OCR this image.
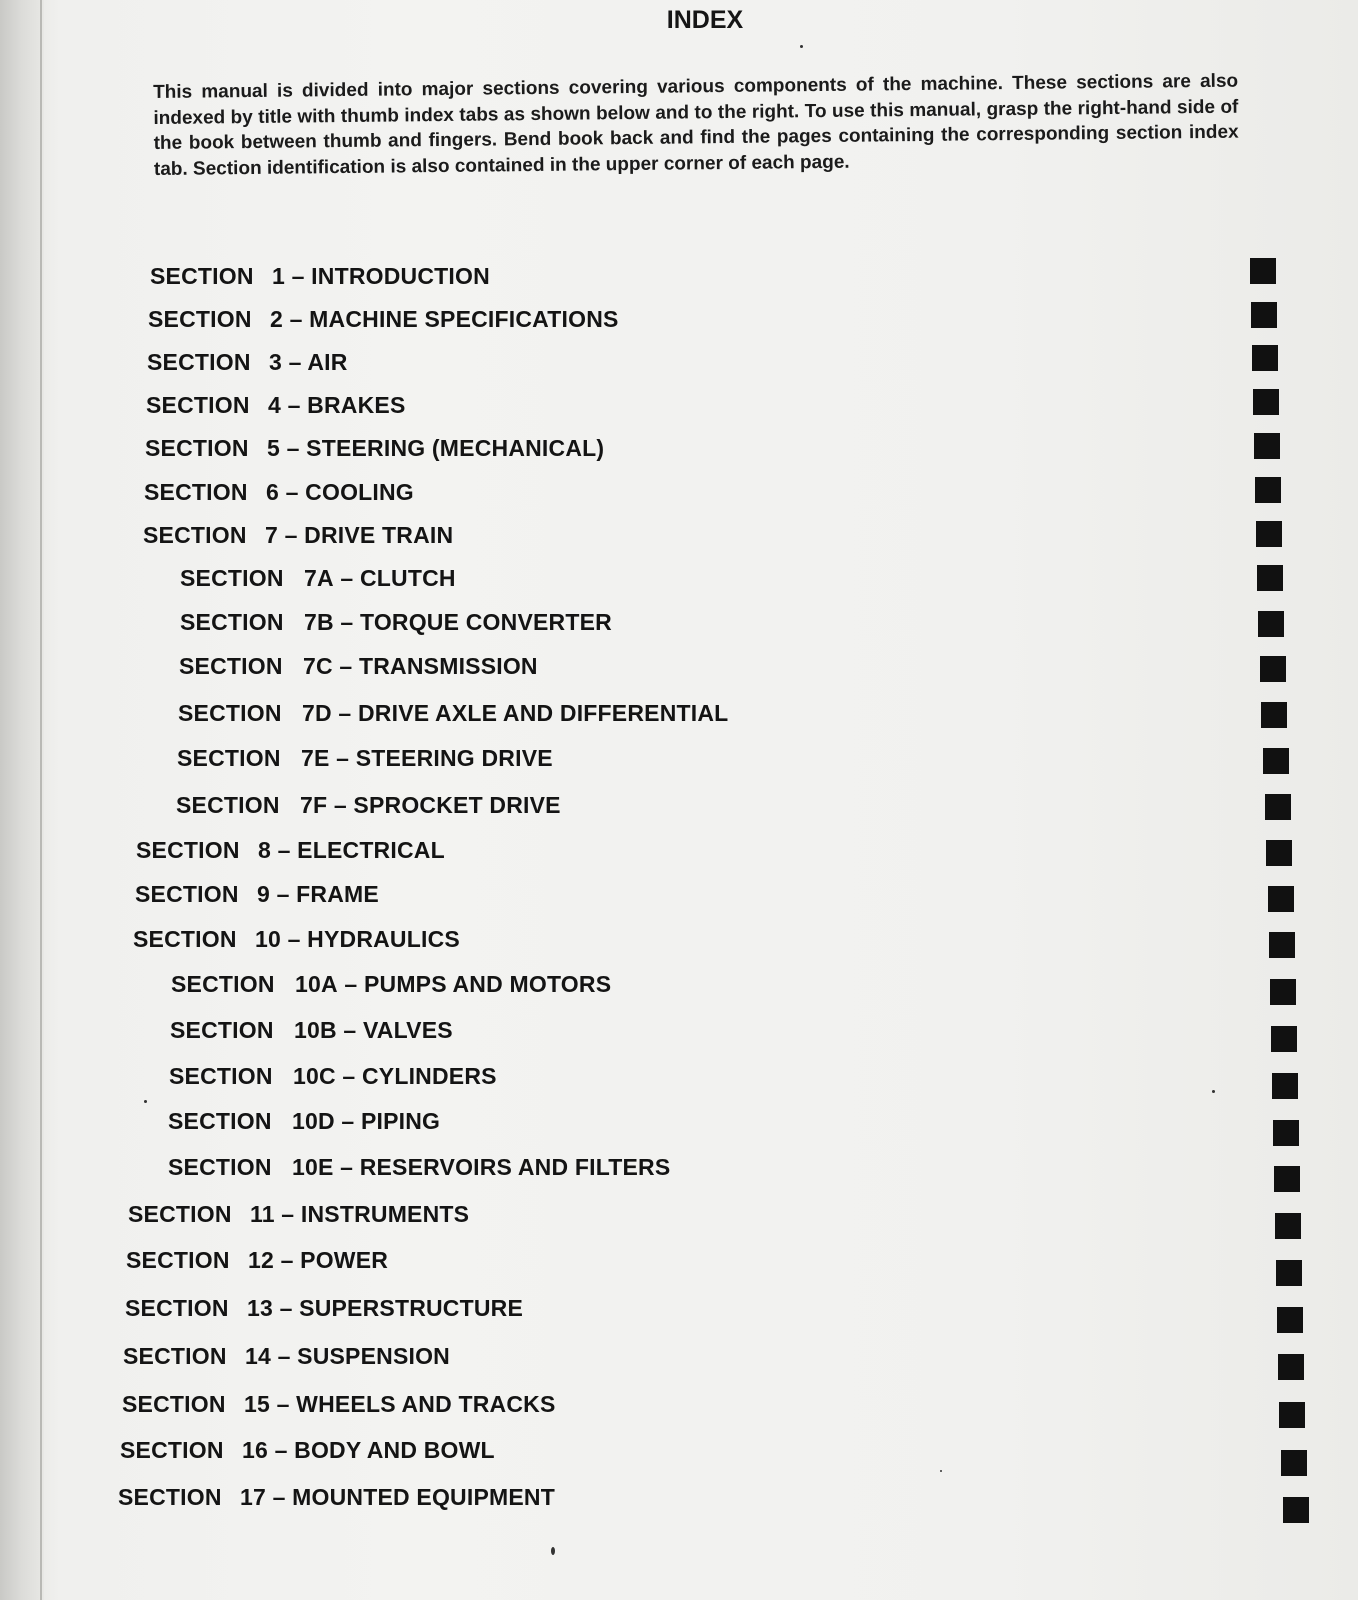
INDEX

This manual is divided into major sections covering various components of the machine. These sections are also indexed by title with thumb index tabs as shown below and to the right. To use this manual, grasp the right-hand side of the book between thumb and fingers. Bend book back and find the pages containing the corresponding section index tab. Section identification is also contained in the upper corner of each page.

SECTION 1 – INTRODUCTION
SECTION 2 – MACHINE SPECIFICATIONS
SECTION 3 – AIR
SECTION 4 – BRAKES
SECTION 5 – STEERING (MECHANICAL)
SECTION 6 – COOLING
SECTION 7 – DRIVE TRAIN
SECTION 7A – CLUTCH
SECTION 7B – TORQUE CONVERTER
SECTION 7C – TRANSMISSION
SECTION 7D – DRIVE AXLE AND DIFFERENTIAL
SECTION 7E – STEERING DRIVE
SECTION 7F – SPROCKET DRIVE
SECTION 8 – ELECTRICAL
SECTION 9 – FRAME
SECTION 10 – HYDRAULICS
SECTION 10A – PUMPS AND MOTORS
SECTION 10B – VALVES
SECTION 10C – CYLINDERS
SECTION 10D – PIPING
SECTION 10E – RESERVOIRS AND FILTERS
SECTION 11 – INSTRUMENTS
SECTION 12 – POWER
SECTION 13 – SUPERSTRUCTURE
SECTION 14 – SUSPENSION
SECTION 15 – WHEELS AND TRACKS
SECTION 16 – BODY AND BOWL
SECTION 17 – MOUNTED EQUIPMENT
